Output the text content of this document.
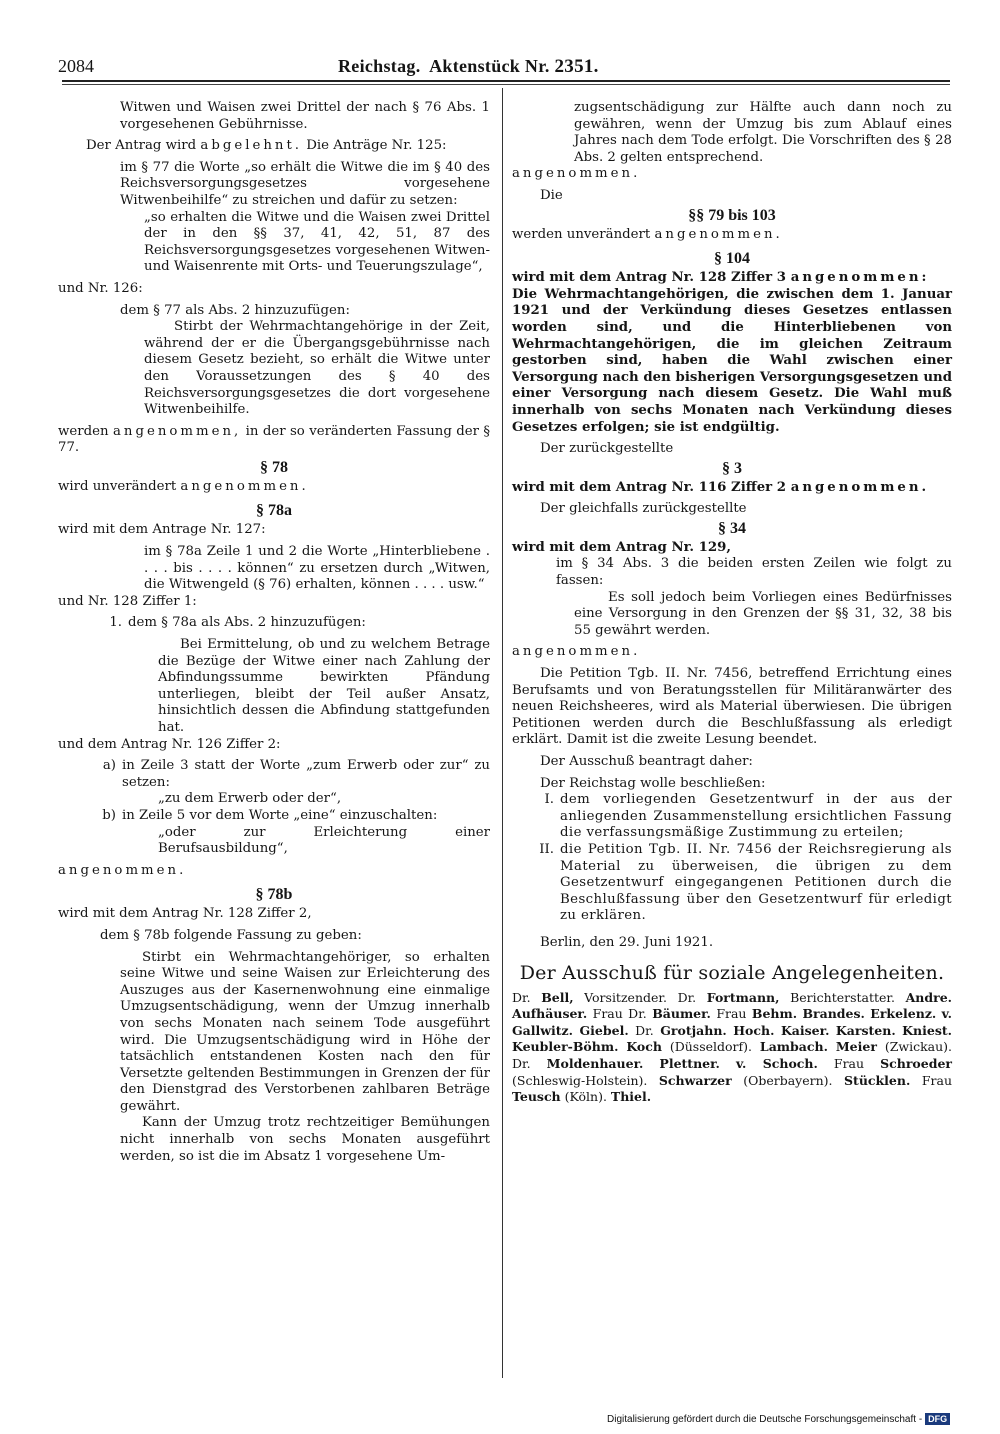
2084	Reichstag.  Aktenstück Nr. 2351.

Witwen und Waisen zwei Drittel der nach § 76 Abs. 1 vorgesehenen Gebührnisse.

Der Antrag wird abgelehnt. Die Anträge Nr. 125:

im § 77 die Worte „so erhält die Witwe die im § 40 des Reichsversorgungsgesetzes vorgesehene Witwenbeihilfe“ zu streichen und dafür zu setzen:

„so erhalten die Witwe und die Waisen zwei Drittel der in den §§ 37, 41, 42, 51, 87 des Reichsversorgungsgesetzes vorgesehenen Witwen- und Waisenrente mit Orts- und Teuerungszulage“,

und Nr. 126:

dem § 77 als Abs. 2 hinzuzufügen:

Stirbt der Wehrmachtangehörige in der Zeit, während der er die Übergangsgebührnisse nach diesem Gesetz bezieht, so erhält die Witwe unter den Voraussetzungen des § 40 des Reichsversorgungsgesetzes die dort vorgesehene Witwenbeihilfe.

werden angenommen, in der so veränderten Fassung der § 77.

§ 78

wird unverändert angenommen.

§ 78a

wird mit dem Antrage Nr. 127:

im § 78a Zeile 1 und 2 die Worte „Hinterbliebene . . . . bis . . . . können“ zu ersetzen durch „Witwen, die Witwengeld (§ 76) erhalten, können . . . . usw.“

und Nr. 128 Ziffer 1:

1. dem § 78a als Abs. 2 hinzuzufügen:

Bei Ermittelung, ob und zu welchem Betrage die Bezüge der Witwe einer nach Zahlung der Abfindungssumme bewirkten Pfändung unterliegen, bleibt der Teil außer Ansatz, hinsichtlich dessen die Abfindung stattgefunden hat.

und dem Antrag Nr. 126 Ziffer 2:

a) in Zeile 3 statt der Worte „zum Erwerb oder zur“ zu setzen:

„zu dem Erwerb oder der“,

b) in Zeile 5 vor dem Worte „eine“ einzuschalten:

„oder zur Erleichterung einer Berufsausbildung“,

angenommen.

§ 78b

wird mit dem Antrag Nr. 128 Ziffer 2,

dem § 78b folgende Fassung zu geben:

Stirbt ein Wehrmachtangehöriger, so erhalten seine Witwe und seine Waisen zur Erleichterung des Auszuges aus der Kasernenwohnung eine einmalige Umzugsentschädigung, wenn der Umzug innerhalb von sechs Monaten nach seinem Tode ausgeführt wird. Die Umzugsentschädigung wird in Höhe der tatsächlich entstandenen Kosten nach den für Versetzte geltenden Bestimmungen in Grenzen der für den Dienstgrad des Verstorbenen zahlbaren Beträge gewährt.

Kann der Umzug trotz rechtzeitiger Bemühungen nicht innerhalb von sechs Monaten ausgeführt werden, so ist die im Absatz 1 vorgesehene Um-

zugsentschädigung zur Hälfte auch dann noch zu gewähren, wenn der Umzug bis zum Ablauf eines Jahres nach dem Tode erfolgt. Die Vorschriften des § 28 Abs. 2 gelten entsprechend.

angenommen.

Die

§§ 79 bis 103

werden unverändert angenommen.

§ 104

wird mit dem Antrag Nr. 128 Ziffer 3 angenommen:

Die Wehrmachtangehörigen, die zwischen dem 1. Januar 1921 und der Verkündung dieses Gesetzes entlassen worden sind, und die Hinterbliebenen von Wehrmachtangehörigen, die im gleichen Zeitraum gestorben sind, haben die Wahl zwischen einer Versorgung nach den bisherigen Versorgungsgesetzen und einer Versorgung nach diesem Gesetz. Die Wahl muß innerhalb von sechs Monaten nach Verkündung dieses Gesetzes erfolgen; sie ist endgültig.

Der zurückgestellte

§ 3

wird mit dem Antrag Nr. 116 Ziffer 2 angenommen.

Der gleichfalls zurückgestellte

§ 34

wird mit dem Antrag Nr. 129,

im § 34 Abs. 3 die beiden ersten Zeilen wie folgt zu fassen:

Es soll jedoch beim Vorliegen eines Bedürfnisses eine Versorgung in den Grenzen der §§ 31, 32, 38 bis 55 gewährt werden.

angenommen.

Die Petition Tgb. II. Nr. 7456, betreffend Errichtung eines Berufsamts und von Beratungsstellen für Militäranwärter des neuen Reichsheeres, wird als Material überwiesen. Die übrigen Petitionen werden durch die Beschlußfassung als erledigt erklärt. Damit ist die zweite Lesung beendet.

Der Ausschuß beantragt daher:

Der Reichstag wolle beschließen:

I. dem vorliegenden Gesetzentwurf in der aus der anliegenden Zusammenstellung ersichtlichen Fassung die verfassungsmäßige Zustimmung zu erteilen;
II. die Petition Tgb. II. Nr. 7456 der Reichsregierung als Material zu überweisen, die übrigen zu dem Gesetzentwurf eingegangenen Petitionen durch die Beschlußfassung über den Gesetzentwurf für erledigt zu erklären.

Berlin, den 29. Juni 1921.

Der Ausschuß für soziale Angelegenheiten.

Dr. Bell, Vorsitzender. Dr. Fortmann, Berichterstatter. Andre. Aufhäuser. Frau Dr. Bäumer. Frau Behm. Brandes. Erkelenz. v. Gallwitz. Giebel. Dr. Grotjahn. Hoch. Kaiser. Karsten. Kniest. Keubler-Böhm. Koch (Düsseldorf). Lambach. Meier (Zwickau). Dr. Moldenhauer. Plettner. v. Schoch. Frau Schroeder (Schleswig-Holstein). Schwarzer (Oberbayern). Stücklen. Frau Teusch (Köln). Thiel.

Digitalisierung gefördert durch die Deutsche Forschungsgemeinschaft - DFG
